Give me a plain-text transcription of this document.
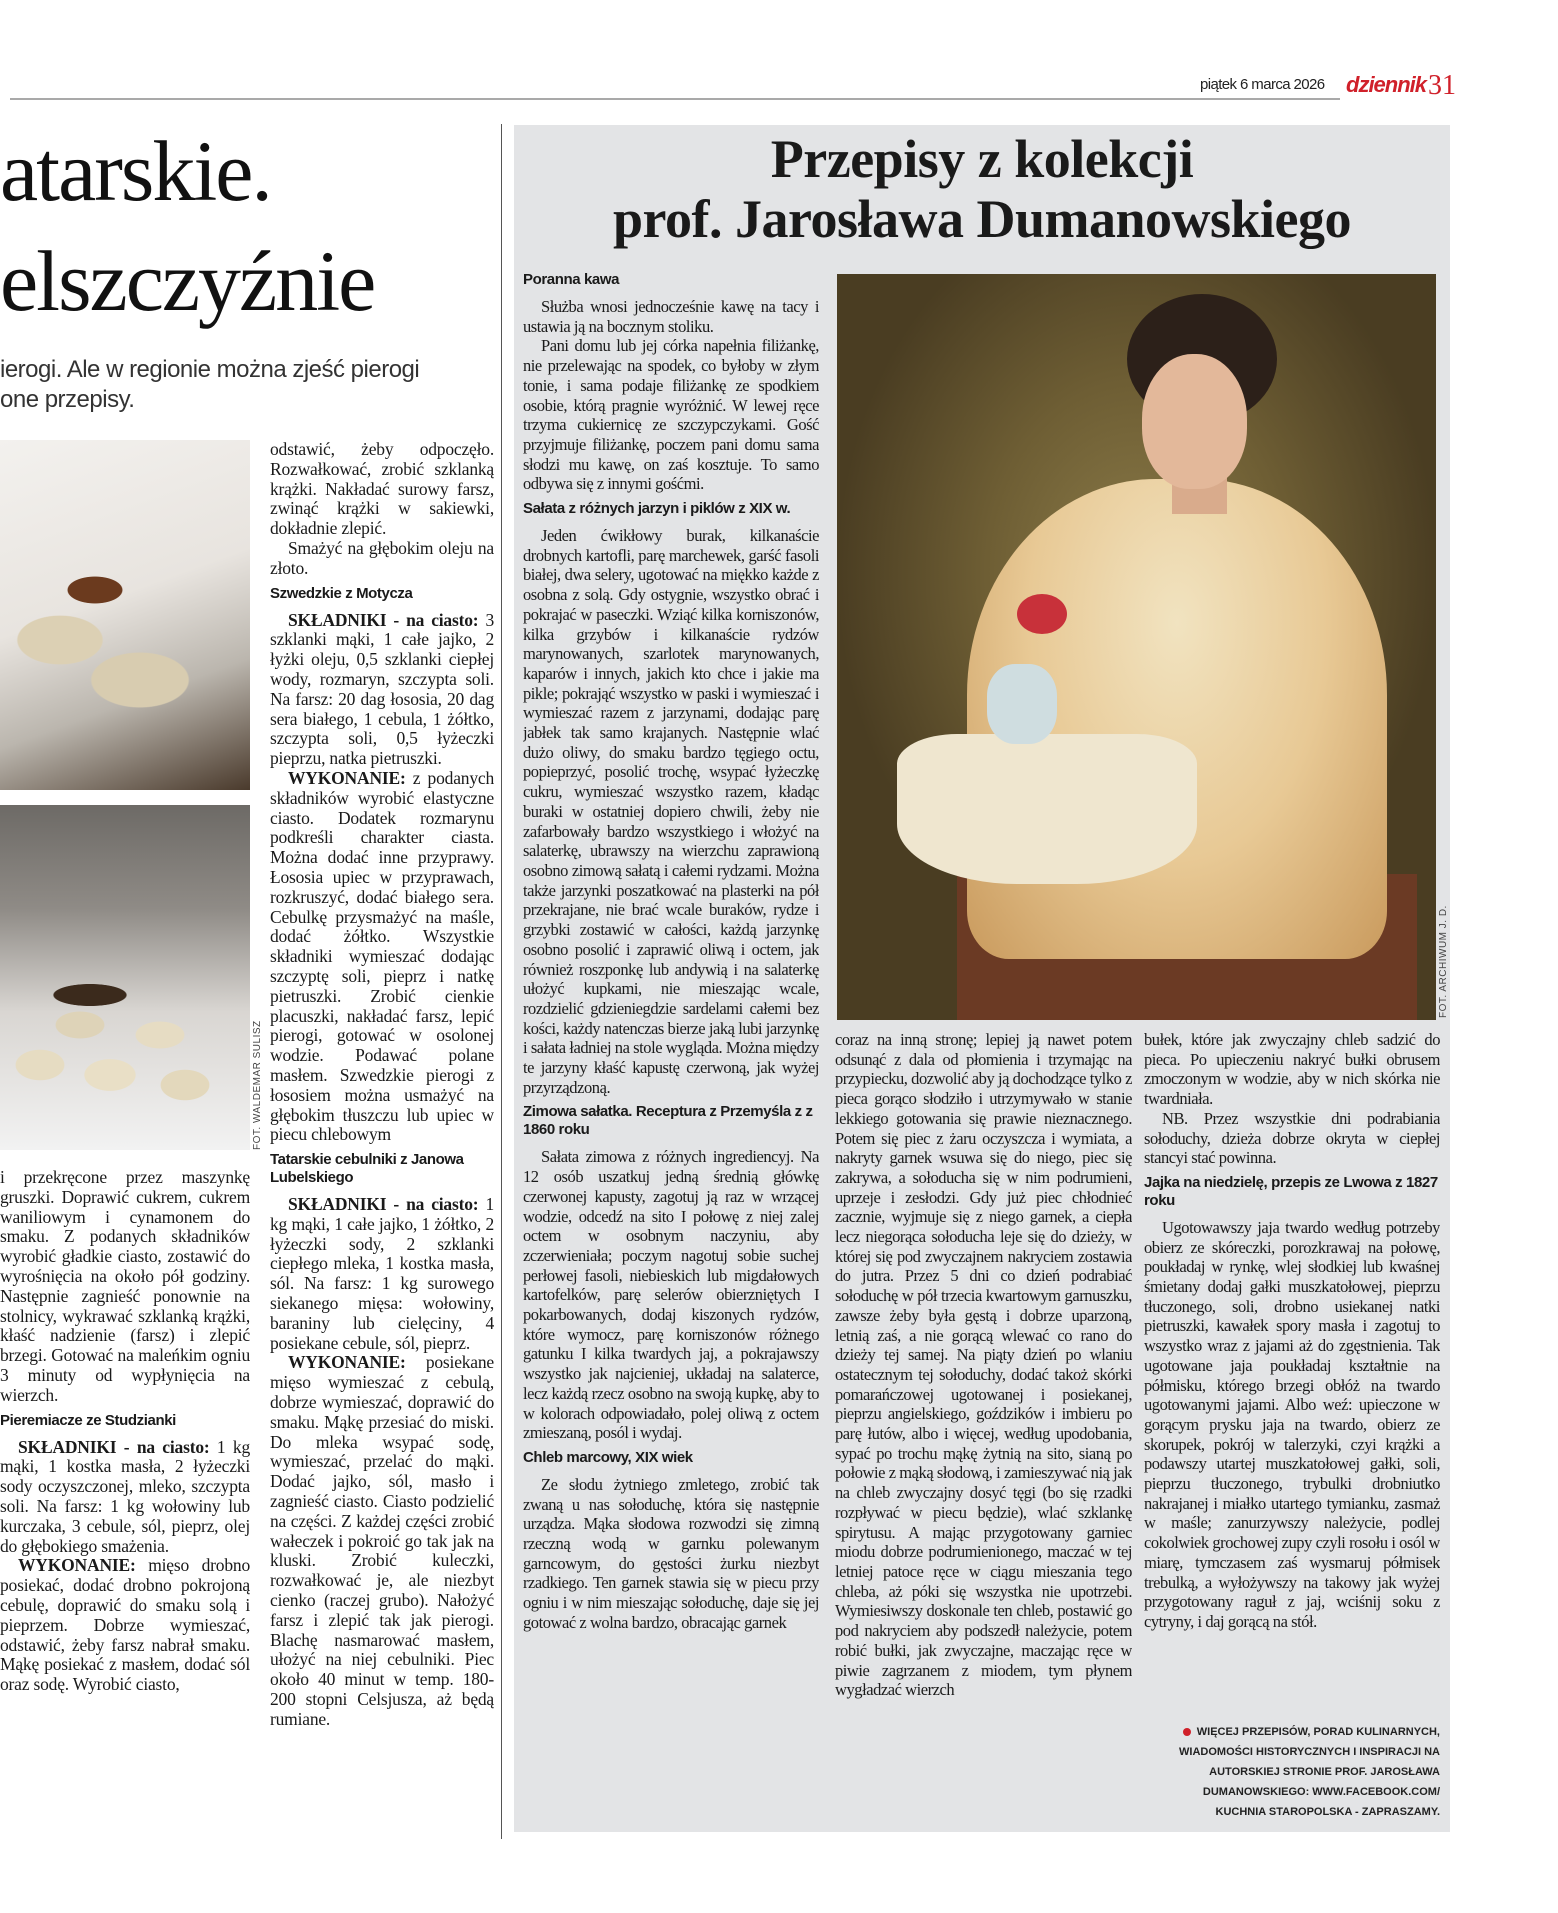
piątek 6 marca 2026 dziennik 31
atarskie.
elszczyźnie
ierogi. Ale w regionie można zjeść pierogi
one przepisy.
FOT. WALDEMAR SULISZ

i przekręcone przez maszynkę gruszki. Doprawić cukrem, cukrem waniliowym i cynamonem do smaku. Z podanych składników wyrobić gładkie ciasto, zostawić do wyrośnięcia na około pół godziny. Następnie zagnieść ponownie na stolnicy, wykrawać szklanką krążki, kłaść nadzienie (farsz) i zlepić brzegi. Gotować na maleńkim ogniu 3 minuty od wypłynięcia na wierzch.

Pieremiacze ze Studzianki

SKŁADNIKI - na ciasto: 1 kg mąki, 1 kostka masła, 2 łyżeczki sody oczyszczonej, mleko, szczypta soli. Na farsz: 1 kg wołowiny lub kurczaka, 3 cebule, sól, pieprz, olej do głębokiego smażenia.

WYKONANIE: mięso drobno posiekać, dodać drobno pokrojoną cebulę, doprawić do smaku solą i pieprzem. Dobrze wymieszać, odstawić, żeby farsz nabrał smaku. Mąkę posiekać z masłem, dodać sól oraz sodę. Wyrobić ciasto,

odstawić, żeby odpoczęło. Rozwałkować, zrobić szklanką krążki. Nakładać surowy farsz, zwinąć krążki w sakiewki, dokładnie zlepić.

Smażyć na głębokim oleju na złoto.

Szwedzkie z Motycza

SKŁADNIKI - na ciasto: 3 szklanki mąki, 1 całe jajko, 2 łyżki oleju, 0,5 szklanki ciepłej wody, rozmaryn, szczypta soli. Na farsz: 20 dag łososia, 20 dag sera białego, 1 cebula, 1 żółtko, szczypta soli, 0,5 łyżeczki pieprzu, natka pietruszki.

WYKONANIE: z podanych składników wyrobić elastyczne ciasto. Dodatek rozmarynu podkreśli charakter ciasta. Można dodać inne przyprawy. Łososia upiec w przyprawach, rozkruszyć, dodać białego sera. Cebulkę przysmażyć na maśle, dodać żółtko. Wszystkie składniki wymieszać dodając szczyptę soli, pieprz i natkę pietruszki. Zrobić cienkie placuszki, nakładać farsz, lepić pierogi, gotować w osolonej wodzie. Podawać polane masłem. Szwedzkie pierogi z łososiem można usmażyć na głębokim tłuszczu lub upiec w piecu chlebowym

Tatarskie cebulniki z Janowa Lubelskiego

SKŁADNIKI - na ciasto: 1 kg mąki, 1 całe jajko, 1 żółtko, 2 łyżeczki sody, 2 szklanki ciepłego mleka, 1 kostka masła, sól. Na farsz: 1 kg surowego siekanego mięsa: wołowiny, baraniny lub cielęciny, 4 posiekane cebule, sól, pieprz.

WYKONANIE: posiekane mięso wymieszać z cebulą, dobrze wymieszać, doprawić do smaku. Mąkę przesiać do miski. Do mleka wsypać sodę, wymieszać, przelać do mąki. Dodać jajko, sól, masło i zagnieść ciasto. Ciasto podzielić na części. Z każdej części zrobić wałeczek i pokroić go tak jak na kluski. Zrobić kuleczki, rozwałkować je, ale niezbyt cienko (raczej grubo). Nałożyć farsz i zlepić tak jak pierogi. Blachę nasmarować masłem, ułożyć na niej cebulniki. Piec około 40 minut w temp. 180-200 stopni Celsjusza, aż będą rumiane.

Przepisy z kolekcji
prof. Jarosława Dumanowskiego
FOT. ARCHIWUM J. D.
Poranna kawa

Służba wnosi jednocześnie kawę na tacy i ustawia ją na bocznym stoliku.

Pani domu lub jej córka napełnia filiżankę, nie przelewając na spodek, co byłoby w złym tonie, i sama podaje filiżankę ze spodkiem osobie, którą pragnie wyróżnić. W lewej ręce trzyma cukiernicę ze szczypczykami. Gość przyjmuje filiżankę, poczem pani domu sama słodzi mu kawę, on zaś kosztuje. To samo odbywa się z innymi gośćmi.

Sałata z różnych jarzyn i piklów z XIX w.

Jeden ćwikłowy burak, kilkanaście drobnych kartofli, parę marchewek, garść fasoli białej, dwa selery, ugotować na miękko każde z osobna z solą. Gdy ostygnie, wszystko obrać i pokrajać w paseczki. Wziąć kilka korniszonów, kilka grzybów i kilkanaście rydzów marynowanych, szarlotek marynowanych, kaparów i innych, jakich kto chce i jakie ma pikle; pokrająć wszystko w paski i wymieszać i wymieszać razem z jarzynami, dodając parę jabłek tak samo krajanych. Następnie wlać dużo oliwy, do smaku bardzo tęgiego octu, popieprzyć, posolić trochę, wsypać łyżeczkę cukru, wymieszać wszystko razem, kładąc buraki w ostatniej dopiero chwili, żeby nie zafarbowały bardzo wszystkiego i włożyć na salaterkę, ubrawszy na wierzchu zaprawioną osobno zimową sałatą i całemi rydzami. Można także jarzynki poszatkować na plasterki na pół przekrajane, nie brać wcale buraków, rydze i grzybki zostawić w całości, każdą jarzynkę osobno posolić i zaprawić oliwą i octem, jak również roszponkę lub andywią i na salaterkę ułożyć kupkami, nie mieszając wcale, rozdzielić gdzieniegdzie sardelami całemi bez kości, każdy natenczas bierze jaką lubi jarzynkę i sałata ładniej na stole wygląda. Można między te jarzyny kłaść kapustę czerwoną, jak wyżej przyrządzoną.

Zimowa sałatka. Receptura z Przemyśla z z 1860 roku

Sałata zimowa z różnych ingrediencyj. Na 12 osób uszatkuj jedną średnią główkę czerwonej kapusty, zagotuj ją raz w wrzącej wodzie, odcedź na sito I połowę z niej zalej octem w osobnym naczyniu, aby zczerwieniała; poczym nagotuj sobie suchej perłowej fasoli, niebieskich lub migdałowych kartofelków, parę selerów obierzniętych I pokarbowanych, dodaj kiszonych rydzów, które wymocz, parę korniszonów różnego gatunku I kilka twardych jaj, a pokrajawszy wszystko jak najcieniej, układaj na salaterce, lecz każdą rzecz osobno na swoją kupkę, aby to w kolorach odpowiadało, polej oliwą z octem zmieszaną, posól i wydaj.

Chleb marcowy, XIX wiek

Ze słodu żytniego zmletego, zrobić tak zwaną u nas sołoduchę, która się następnie urządza. Mąka słodowa rozwodzi się zimną rzeczną wodą w garnku polewanym garncowym, do gęstości żurku niezbyt rzadkiego. Ten garnek stawia się w piecu przy ogniu i w nim mieszając sołoduchę, daje się jej gotować z wolna bardzo, obracając garnek

coraz na inną stronę; lepiej ją nawet potem odsunąć z dala od płomienia i trzymając na przypiecku, dozwolić aby ją dochodzące tylko z pieca gorąco słodziło i utrzymywało w stanie lekkiego gotowania się prawie nieznacznego. Potem się piec z żaru oczyszcza i wymiata, a nakryty garnek wsuwa się do niego, piec się zakrywa, a sołoducha się w nim podrumieni, uprzeje i zesłodzi. Gdy już piec chłodnieć zacznie, wyjmuje się z niego garnek, a ciepła lecz niegorąca sołoducha leje się do dzieży, w której się pod zwyczajnem nakryciem zostawia do jutra. Przez 5 dni co dzień podrabiać sołoduchę w pół trzecia kwartowym garnuszku, zawsze żeby była gęstą i dobrze uparzoną, letnią zaś, a nie gorącą wlewać co rano do dzieży tej samej. Na piąty dzień po wlaniu ostatecznym tej sołoduchy, dodać takoż skórki pomarańczowej ugotowanej i posiekanej, pieprzu angielskiego, goździków i imbieru po parę łutów, albo i więcej, według upodobania, sypać po trochu mąkę żytnią na sito, sianą po połowie z mąką słodową, i zamieszywać nią jak na chleb zwyczajny dosyć tęgi (bo się rzadki rozpływać w piecu będzie), wlać szklankę spirytusu. A mając przygotowany garniec miodu dobrze podrumienionego, maczać w tej letniej patoce ręce w ciągu mieszania tego chleba, aż póki się wszystka nie upotrzebi. Wymiesiwszy doskonale ten chleb, postawić go pod nakryciem aby podszedł należycie, potem robić bułki, jak zwyczajne, maczając ręce w piwie zagrzanem z miodem, tym płynem wygładzać wierzch

bułek, które jak zwyczajny chleb sadzić do pieca. Po upieczeniu nakryć bułki obrusem zmoczonym w wodzie, aby w nich skórka nie twardniała.

NB. Przez wszystkie dni podrabiania sołoduchy, dzieża dobrze okryta w ciepłej stancyi stać powinna.

Jajka na niedzielę, przepis ze Lwowa z 1827 roku

Ugotowawszy jaja twardo według potrzeby obierz ze skóreczki, porozkrawaj na połowę, poukładaj w rynkę, wlej słodkiej lub kwaśnej śmietany dodaj gałki muszkatołowej, pieprzu tłuczonego, soli, drobno usiekanej natki pietruszki, kawałek spory masła i zagotuj to wszystko wraz z jajami aż do zgęstnienia. Tak ugotowane jaja poukładaj kształtnie na półmisku, którego brzegi obłóż na twardo ugotowanymi jajami. Albo weź: upieczone w gorącym prysku jaja na twardo, obierz ze skorupek, pokrój w talerzyki, czyi krążki a podawszy utartej muszkatołowej gałki, soli, pieprzu tłuczonego, trybulki drobniutko nakrajanej i miałko utartego tymianku, zasmaż w maśle; zanurzywszy należycie, podlej cokolwiek grochowej zupy czyli rosołu i osól w miarę, tymczasem zaś wysmaruj półmisek trebulką, a wyłożywszy na takowy jak wyżej przygotowany raguł z jaj, wciśnij soku z cytryny, i daj gorącą na stół.

WIĘCEJ PRZEPISÓW, PORAD KULINARNYCH, WIADOMOŚCI HISTORYCZNYCH I INSPIRACJI NA AUTORSKIEJ STRONIE PROF. JAROSŁAWA DUMANOWSKIEGO: WWW.FACEBOOK.COM/ KUCHNIA STAROPOLSKA - ZAPRASZAMY.
